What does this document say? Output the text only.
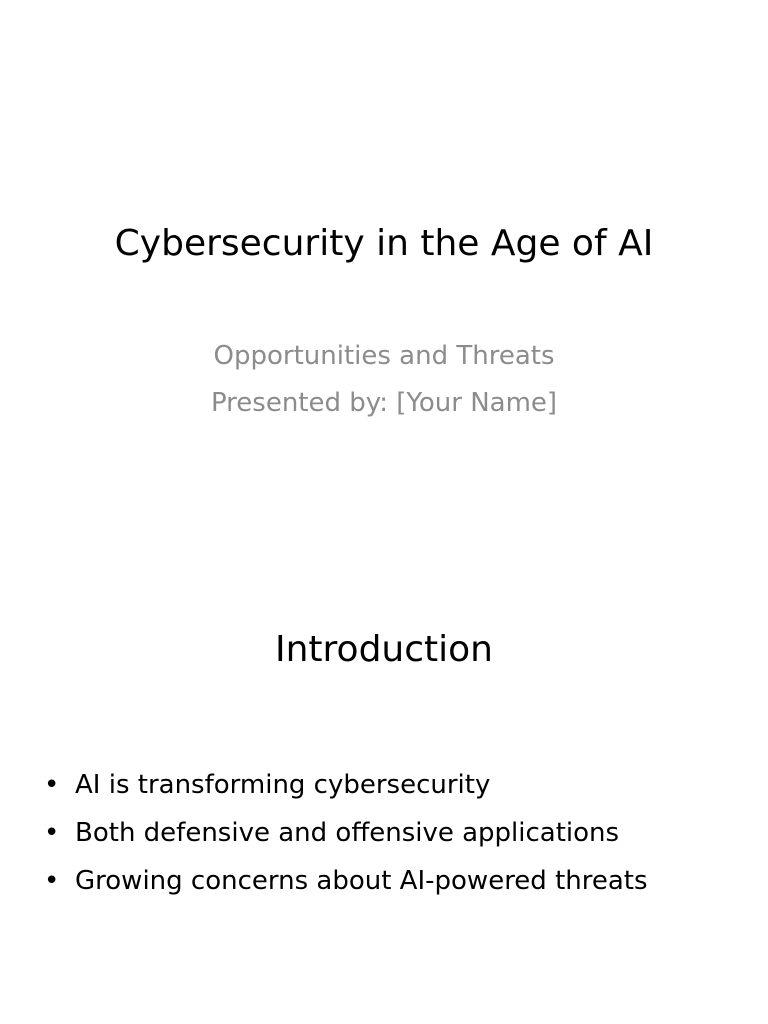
Cybersecurity in the Age of AI
Opportunities and Threats
Presented by: [Your Name]
Introduction
• AI is transforming cybersecurity
• Both defensive and offensive applications
• Growing concerns about AI-powered threats
